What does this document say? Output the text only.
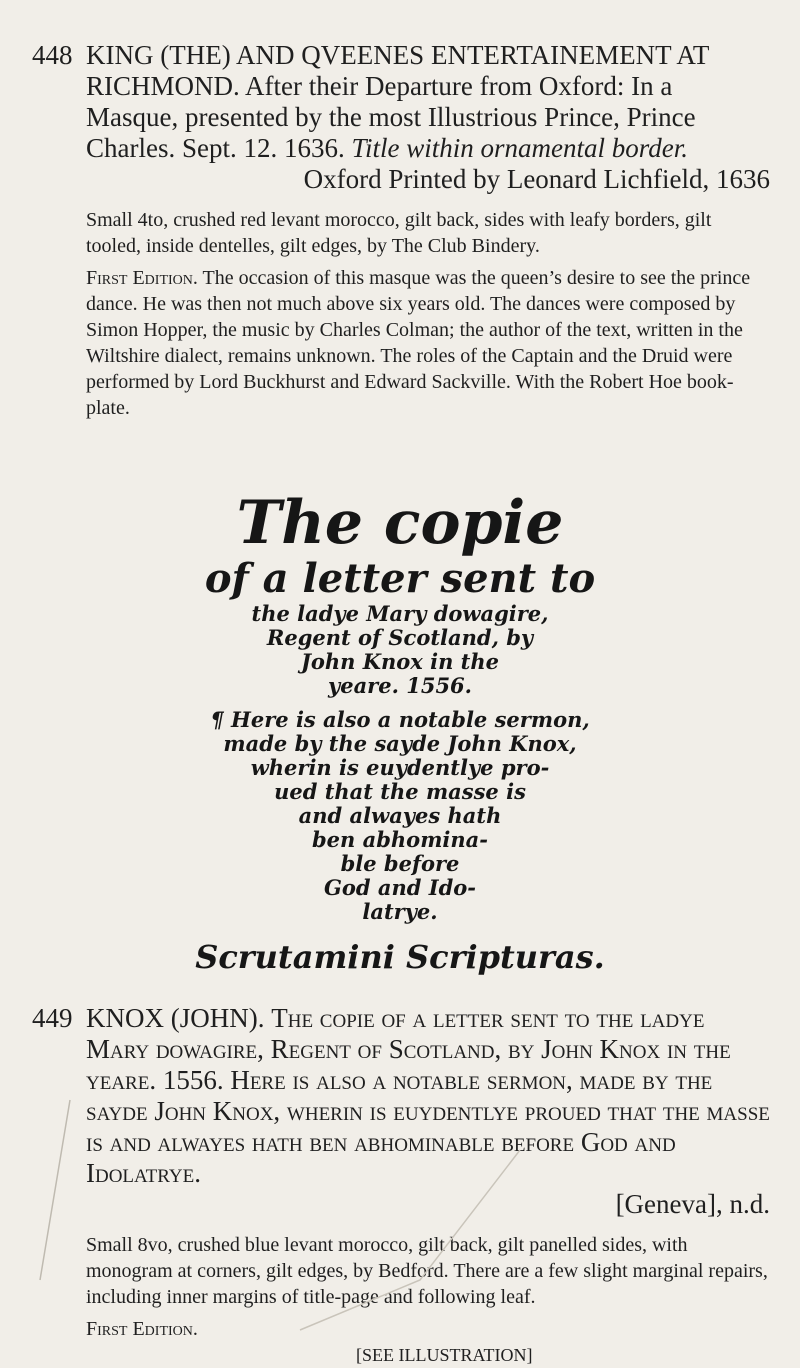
448 KING (THE) AND QVEENES ENTERTAINEMENT AT RICHMOND. After their Departure from Oxford: In a Masque, presented by the most Illustrious Prince, Prince Charles. Sept. 12. 1636. Title within ornamental border.

Oxford Printed by Leonard Lichfield, 1636

Small 4to, crushed red levant morocco, gilt back, sides with leafy borders, gilt tooled, inside dentelles, gilt edges, by The Club Bindery.

First Edition. The occasion of this masque was the queen’s desire to see the prince dance. He was then not much above six years old. The dances were composed by Simon Hopper, the music by Charles Colman; the author of the text, written in the Wiltshire dialect, remains unknown. The roles of the Captain and the Druid were performed by Lord Buckhurst and Edward Sackville. With the Robert Hoe book-plate.

The copie
of a letter sent to
the ladye Mary dowagire,
Regent of Scotland, by
John Knox in the
yeare. 1556.
¶ Here is also a notable sermon,
made by the sayde John Knox,
wherin is euydentlye pro-
ued that the masse is
and alwayes hath
ben abhomina-
ble before
God and Ido-
latrye.
Scrutamini Scripturas.
449 KNOX (JOHN). The copie of a letter sent to the ladye Mary dowagire, Regent of Scotland, by John Knox in the yeare. 1556. Here is also a notable sermon, made by the sayde John Knox, wherin is euydentlye proued that the masse is and alwayes hath ben abhominable before God and Idolatrye.

[Geneva], n.d.

Small 8vo, crushed blue levant morocco, gilt back, gilt panelled sides, with monogram at corners, gilt edges, by Bedford. There are a few slight marginal repairs, including inner margins of title-page and following leaf.

First Edition.

[SEE ILLUSTRATION]
